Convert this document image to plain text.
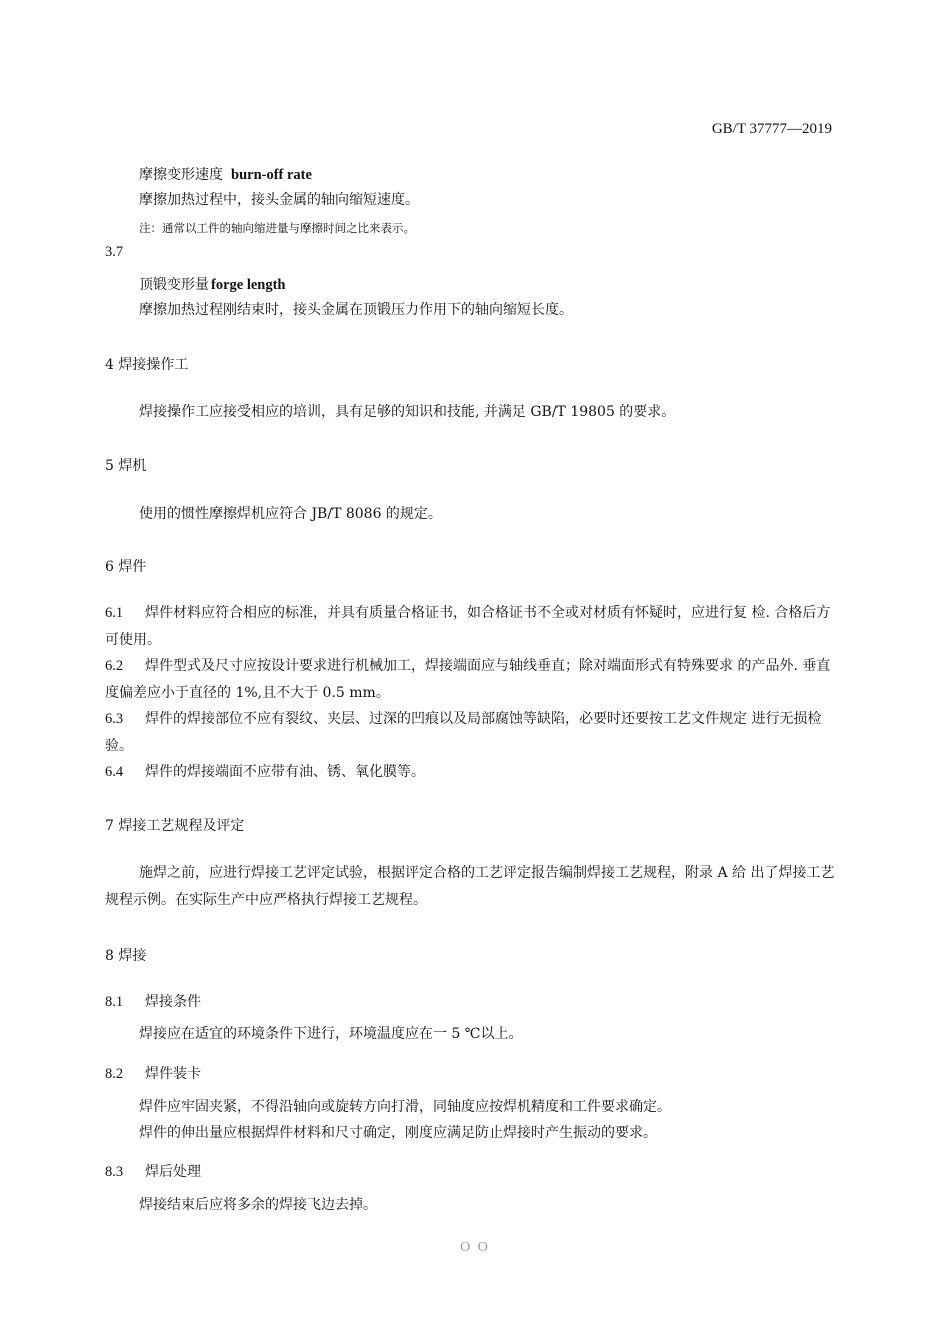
GB/T 37777—2019
摩擦变形速度 burn-off rate
摩擦加热过程中，接头金属的轴向缩短速度。
注：通常以工件的轴向缩进量与摩擦时间之比来表示。
3.7
顶锻变形量 forge length
摩擦加热过程刚结束时，接头金属在顶锻压力作用下的轴向缩短长度。
4 焊接操作工
焊接操作工应接受相应的培训，具有足够的知识和技能, 并满足 GB/T 19805 的要求。
5 焊机
使用的惯性摩擦焊机应符合 JB/T 8086 的规定。
6 焊件
6.1 焊件材料应符合相应的标准，并具有质量合格证书，如合格证书不全或对材质有怀疑时，应进行复 检. 合格后方可使用。
6.2 焊件型式及尺寸应按设计要求进行机械加工，焊接端面应与轴线垂直；除对端面形式有特殊要求 的产品外. 垂直度偏差应小于直径的 1%,且不大于 0.5 mm。
6.3 焊件的焊接部位不应有裂纹、夹层、过深的凹痕以及局部腐蚀等缺陷，必要时还要按工艺文件规定 进行无损检验。
6.4 焊件的焊接端面不应带有油、锈、氧化膜等。
7 焊接工艺规程及评定
施焊之前，应进行焊接工艺评定试验，根据评定合格的工艺评定报告编制焊接工艺规程，附录 A 给 出了焊接工艺规程示例。在实际生产中应严格执行焊接工艺规程。
8 焊接
8.1 焊接条件
焊接应在适宜的环境条件下进行，环境温度应在一 5 ℃以上。
8.2 焊件装卡
焊件应牢固夹紧，不得沿轴向或旋转方向打滑，同轴度应按焊机精度和工件要求确定。
焊件的伸出量应根据焊件材料和尺寸确定，刚度应满足防止焊接时产生振动的要求。
8.3 焊后处理
焊接结束后应将多余的焊接飞边去掉。
O O
